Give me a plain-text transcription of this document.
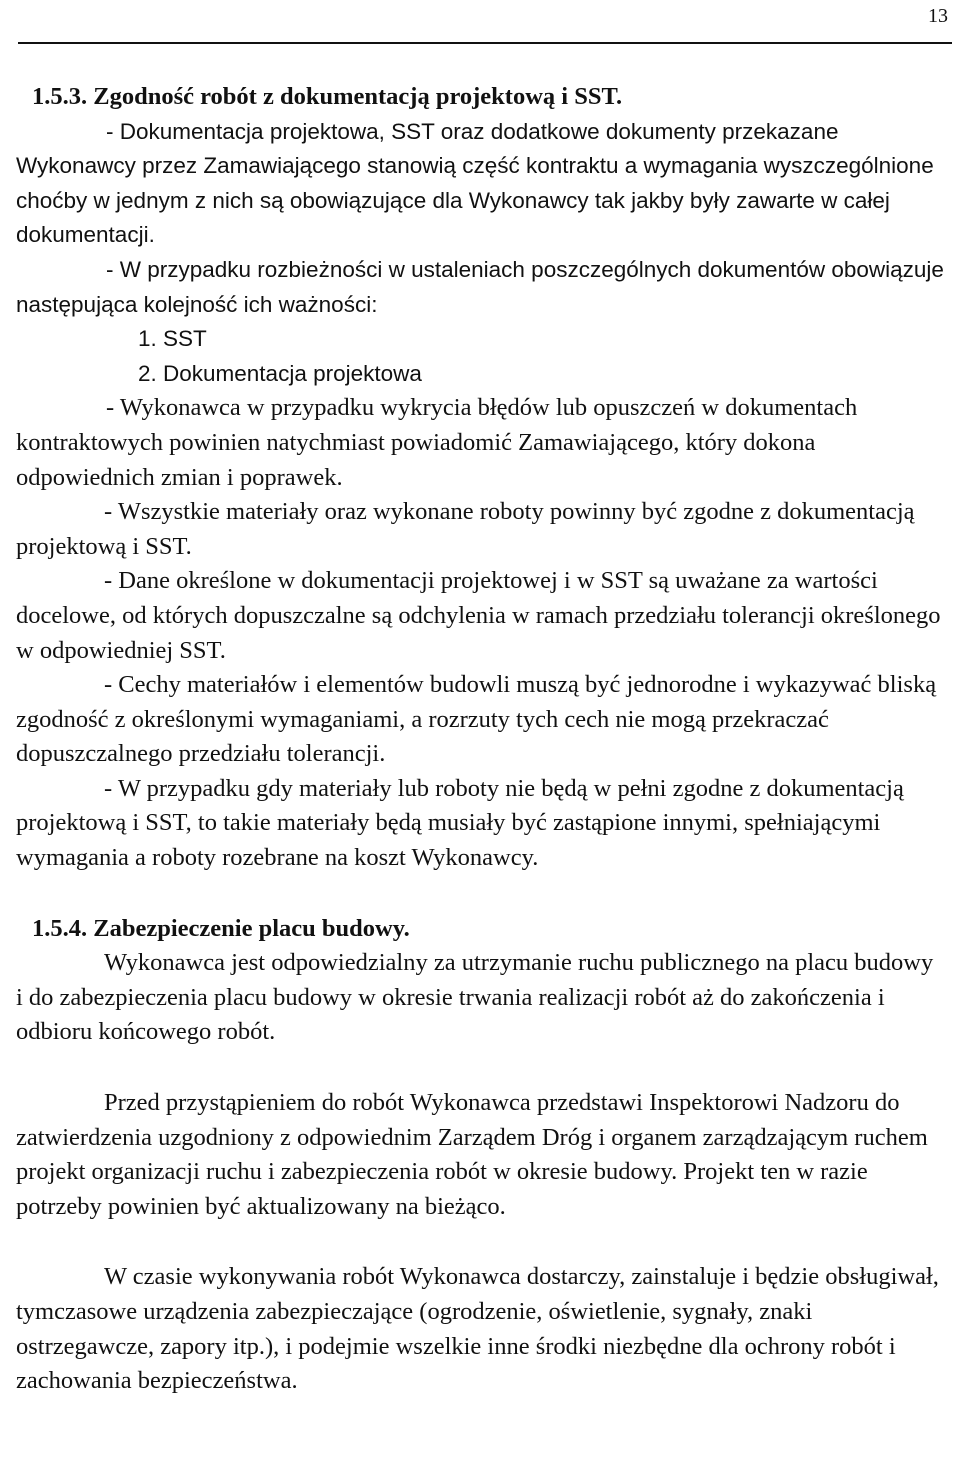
13

1.5.3. Zgodność robót z dokumentacją projektową i SST.

- Dokumentacja projektowa, SST oraz dodatkowe dokumenty przekazane Wykonawcy przez Zamawiającego stanowią część kontraktu a wymagania wyszczególnione choćby w jednym z nich są obowiązujące dla Wykonawcy tak jakby były zawarte w całej dokumentacji.

- W przypadku rozbieżności w ustaleniach poszczególnych dokumentów obowiązuje następująca kolejność ich ważności:

1. SST

2. Dokumentacja projektowa

- Wykonawca w przypadku wykrycia błędów lub opuszczeń w dokumentach kontraktowych powinien natychmiast powiadomić Zamawiającego, który dokona odpowiednich zmian i poprawek.

- Wszystkie materiały oraz wykonane roboty powinny być zgodne z dokumentacją projektową i SST.

- Dane określone w dokumentacji projektowej i w SST są uważane za wartości docelowe, od których dopuszczalne są odchylenia w ramach przedziału tolerancji określonego w odpowiedniej SST.

- Cechy materiałów i elementów budowli muszą być jednorodne i wykazywać bliską zgodność z określonymi wymaganiami, a rozrzuty tych cech nie mogą przekraczać dopuszczalnego przedziału tolerancji.

- W przypadku gdy materiały lub roboty nie będą w pełni zgodne z dokumentacją projektową i SST, to takie materiały będą musiały być zastąpione innymi, spełniającymi wymagania a roboty rozebrane na koszt Wykonawcy.

1.5.4. Zabezpieczenie placu budowy.

Wykonawca jest odpowiedzialny za utrzymanie ruchu publicznego na placu budowy i do zabezpieczenia placu budowy w okresie trwania realizacji robót aż do zakończenia i odbioru końcowego robót.

Przed przystąpieniem do robót Wykonawca przedstawi Inspektorowi Nadzoru do zatwierdzenia uzgodniony z odpowiednim Zarządem Dróg i organem zarządzającym ruchem projekt organizacji ruchu i zabezpieczenia robót w okresie budowy. Projekt ten w razie potrzeby powinien być aktualizowany na bieżąco.

W czasie wykonywania robót Wykonawca dostarczy, zainstaluje i będzie obsługiwał, tymczasowe urządzenia zabezpieczające (ogrodzenie, oświetlenie, sygnały, znaki ostrzegawcze, zapory itp.), i podejmie wszelkie inne środki niezbędne dla ochrony robót i zachowania bezpieczeństwa.
